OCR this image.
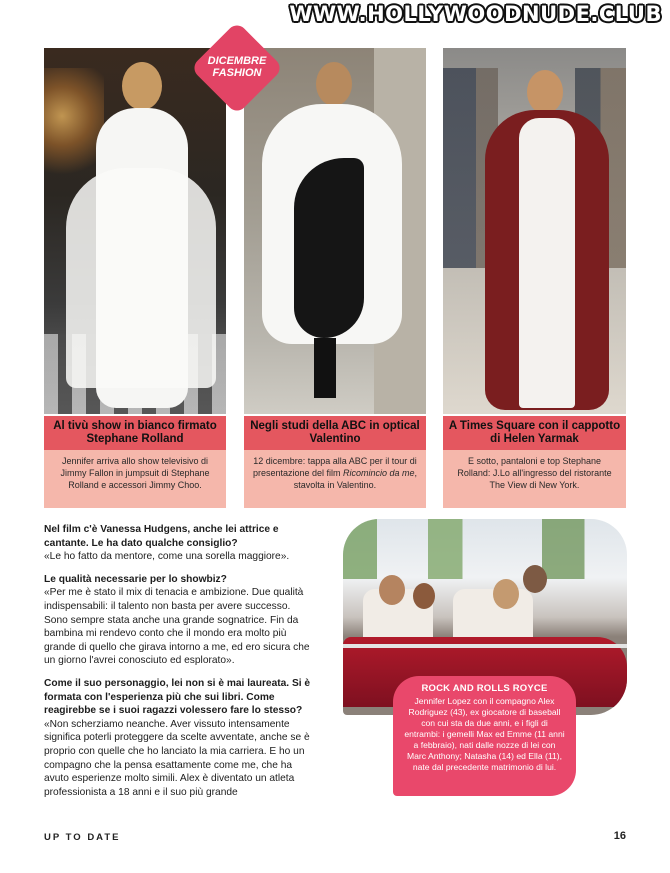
WWW.HOLLYWOODNUDE.CLUB
DICEMBRE
FASHION
Al tivù show in bianco firmato Stephane Rolland
Jennifer arriva allo show televisivo di Jimmy Fallon in jumpsuit di Stephane Rolland e accessori Jimmy Choo.
Negli studi della ABC in optical Valentino
12 dicembre: tappa alla ABC per il tour di presentazione del film Ricomincio da me, stavolta in Valentino.
A Times Square con il cappotto di Helen Yarmak
E sotto, pantaloni e top Stephane Rolland: J.Lo all'ingresso del ristorante The View di New York.

Nel film c'è Vanessa Hudgens, anche lei attrice e cantante. Le ha dato qualche consiglio?
«Le ho fatto da mentore, come una sorella maggiore».

Le qualità necessarie per lo showbiz?
«Per me è stato il mix di tenacia e ambizione. Due qualità indispensabili: il talento non basta per avere successo. Sono sempre stata anche una grande sognatrice. Fin da bambina mi rendevo conto che il mondo era molto più grande di quello che girava intorno a me, ed ero sicura che un giorno l'avrei conosciuto ed esplorato».

Come il suo personaggio, lei non si è mai laureata. Si è formata con l'esperienza più che sui libri. Come reagirebbe se i suoi ragazzi volessero fare lo stesso?
«Non scherziamo neanche. Aver vissuto intensamente significa poterli proteggere da scelte avventate, anche se è proprio con quelle che ho lanciato la mia carriera. E ho un compagno che la pensa esattamente come me, che ha avuto esperienze molto simili. Alex è diventato un atleta professionista a 18 anni e il suo più grande

ROCK AND ROLLS ROYCE
Jennifer Lopez con il compagno Alex Rodriguez (43), ex giocatore di baseball con cui sta da due anni, e i figli di entrambi: i gemelli Max ed Emme (11 anni a febbraio), nati dalle nozze di lei con Marc Anthony; Natasha (14) ed Ella (11), nate dal precedente matrimonio di lui.
UP TO DATE	16
